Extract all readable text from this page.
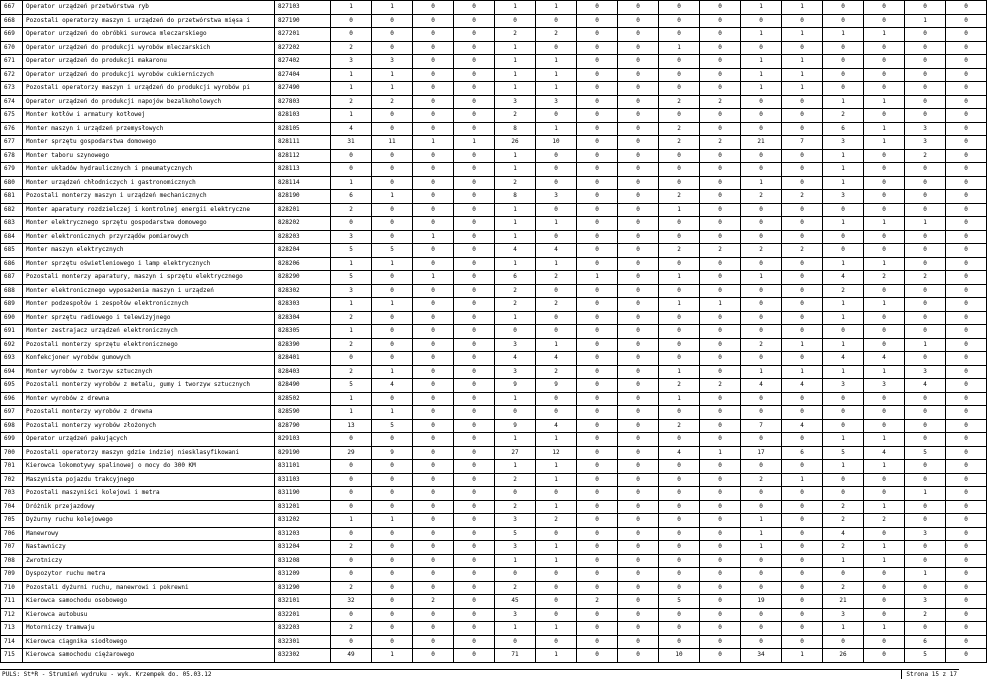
667	Operator urządzeń przetwórstwa ryb	827103	1	1	0	0	1	1	0	0	0	0	1	1	0	0	0	0
668	Pozostali operatorzy maszyn i urządzeń do przetwórstwa mięsa i	827190	0	0	0	0	0	0	0	0	0	0	0	0	0	0	1	0
669	Operator urządzeń do obróbki surowca mleczarskiego	827201	0	0	0	0	2	2	0	0	0	0	1	1	1	1	0	0
670	Operator urządzeń do produkcji wyrobów mleczarskich	827202	2	0	0	0	1	0	0	0	1	0	0	0	0	0	0	0
671	Operator urządzeń do produkcji makaronu	827402	3	3	0	0	1	1	0	0	0	0	1	1	0	0	0	0
672	Operator urządzeń do produkcji wyrobów cukierniczych	827404	1	1	0	0	1	1	0	0	0	0	1	1	0	0	0	0
673	Pozostali operatorzy maszyn i urządzeń do produkcji wyrobów pi	827490	1	1	0	0	1	1	0	0	0	0	1	1	0	0	0	0
674	Operator urządzeń do produkcji napojów bezalkoholowych	827803	2	2	0	0	3	3	0	0	2	2	0	0	1	1	0	0
675	Monter kotłów i armatury kotłowej	828103	1	0	0	0	2	0	0	0	0	0	0	0	2	0	0	0
676	Monter maszyn i urządzeń przemysłowych	828105	4	0	0	0	8	1	0	0	2	0	0	0	6	1	3	0
677	Monter sprzętu gospodarstwa domowego	828111	31	11	1	1	26	10	0	0	2	2	21	7	3	1	3	0
678	Monter taboru szynowego	828112	0	0	0	0	1	0	0	0	0	0	0	0	1	0	2	0
679	Monter układów hydraulicznych i pneumatycznych	828113	0	0	0	0	1	0	0	0	0	0	0	0	1	0	0	0
680	Monter urządzeń chłodniczych i gastronomicznych	828114	1	0	0	0	2	0	0	0	0	0	1	0	1	0	0	0
681	Pozostali monterzy maszyn i urządzeń mechanicznych	828190	6	1	0	0	8	3	0	0	2	0	2	2	3	0	0	0
682	Monter aparatury rozdzielczej i kontrolnej energii elektryczne	828201	2	0	0	0	1	0	0	0	1	0	0	0	0	0	0	0
683	Monter elektrycznego sprzętu gospodarstwa domowego	828202	0	0	0	0	1	1	0	0	0	0	0	0	1	1	1	0
684	Monter elektronicznych przyrządów pomiarowych	828203	3	0	1	0	1	0	0	0	0	0	0	0	0	0	0	0
685	Monter maszyn elektrycznych	828204	5	5	0	0	4	4	0	0	2	2	2	2	0	0	0	0
686	Monter sprzętu oświetleniowego i lamp elektrycznych	828206	1	1	0	0	1	1	0	0	0	0	0	0	1	1	0	0
687	Pozostali monterzy aparatury, maszyn i sprzętu elektrycznego	828290	5	0	1	0	6	2	1	0	1	0	1	0	4	2	2	0
688	Monter elektronicznego wyposażenia maszyn i urządzeń	828302	3	0	0	0	2	0	0	0	0	0	0	0	2	0	0	0
689	Monter podzespołów i zespołów elektronicznych	828303	1	1	0	0	2	2	0	0	1	1	0	0	1	1	0	0
690	Monter sprzętu radiowego i telewizyjnego	828304	2	0	0	0	1	0	0	0	0	0	0	0	1	0	0	0
691	Monter zestrajacz urządzeń elektronicznych	828305	1	0	0	0	0	0	0	0	0	0	0	0	0	0	0	0
692	Pozostali monterzy sprzętu elektronicznego	828390	2	0	0	0	3	1	0	0	0	0	2	1	1	0	1	0
693	Konfekcjoner wyrobów gumowych	828401	0	0	0	0	4	4	0	0	0	0	0	0	4	4	0	0
694	Monter wyrobów z tworzyw sztucznych	828403	2	1	0	0	3	2	0	0	1	0	1	1	1	1	3	0
695	Pozostali monterzy wyrobów z metalu, gumy i tworzyw sztucznych	828490	5	4	0	0	9	9	0	0	2	2	4	4	3	3	4	0
696	Monter wyrobów z drewna	828502	1	0	0	0	1	0	0	0	1	0	0	0	0	0	0	0
697	Pozostali monterzy wyrobów z drewna	828590	1	1	0	0	0	0	0	0	0	0	0	0	0	0	0	0
698	Pozostali monterzy wyrobów złożonych	828790	13	5	0	0	9	4	0	0	2	0	7	4	0	0	0	0
699	Operator urządzeń pakujących	829103	0	0	0	0	1	1	0	0	0	0	0	0	1	1	0	0
700	Pozostali operatorzy maszyn gdzie indziej niesklasyfikowani	829190	29	9	0	0	27	12	0	0	4	1	17	6	5	4	5	0
701	Kierowca lokomotywy spalinowej o mocy do 300 KM	831101	0	0	0	0	1	1	0	0	0	0	0	0	1	1	0	0
702	Maszynista pojazdu trakcyjnego	831103	0	0	0	0	2	1	0	0	0	0	2	1	0	0	0	0
703	Pozostali maszyniści kolejowi i metra	831190	0	0	0	0	0	0	0	0	0	0	0	0	0	0	1	0
704	Dróżnik przejazdowy	831201	0	0	0	0	2	1	0	0	0	0	0	0	2	1	0	0
705	Dyżurny ruchu kolejowego	831202	1	1	0	0	3	2	0	0	0	0	1	0	2	2	0	0
706	Manewrowy	831203	0	0	0	0	5	0	0	0	0	0	1	0	4	0	3	0
707	Nastawniczy	831204	2	0	0	0	3	1	0	0	0	0	1	0	2	1	0	0
708	Zwrotniczy	831208	0	0	0	0	1	1	0	0	0	0	0	0	1	1	0	0
709	Dyspozytor ruchu metra	831209	0	0	0	0	0	0	0	0	0	0	0	0	0	0	1	0
710	Pozostali dyżurni ruchu, manewrowi i pokrewni	831290	2	0	0	0	2	0	0	0	0	0	0	0	2	0	0	0
711	Kierowca samochodu osobowego	832101	32	0	2	0	45	0	2	0	5	0	19	0	21	0	3	0
712	Kierowca autobusu	832201	0	0	0	0	3	0	0	0	0	0	0	0	3	0	2	0
713	Motorniczy tramwaju	832203	2	0	0	0	1	1	0	0	0	0	0	0	1	1	0	0
714	Kierowca ciągnika siodłowego	832301	0	0	0	0	0	0	0	0	0	0	0	0	0	0	6	0
715	Kierowca samochodu ciężarowego	832302	49	1	0	0	71	1	0	0	10	0	34	1	26	0	5	0
PULS: St*R - Strumień wydruku - wyk. Krzempek do. 05.03.12	Strona 15 z 17
